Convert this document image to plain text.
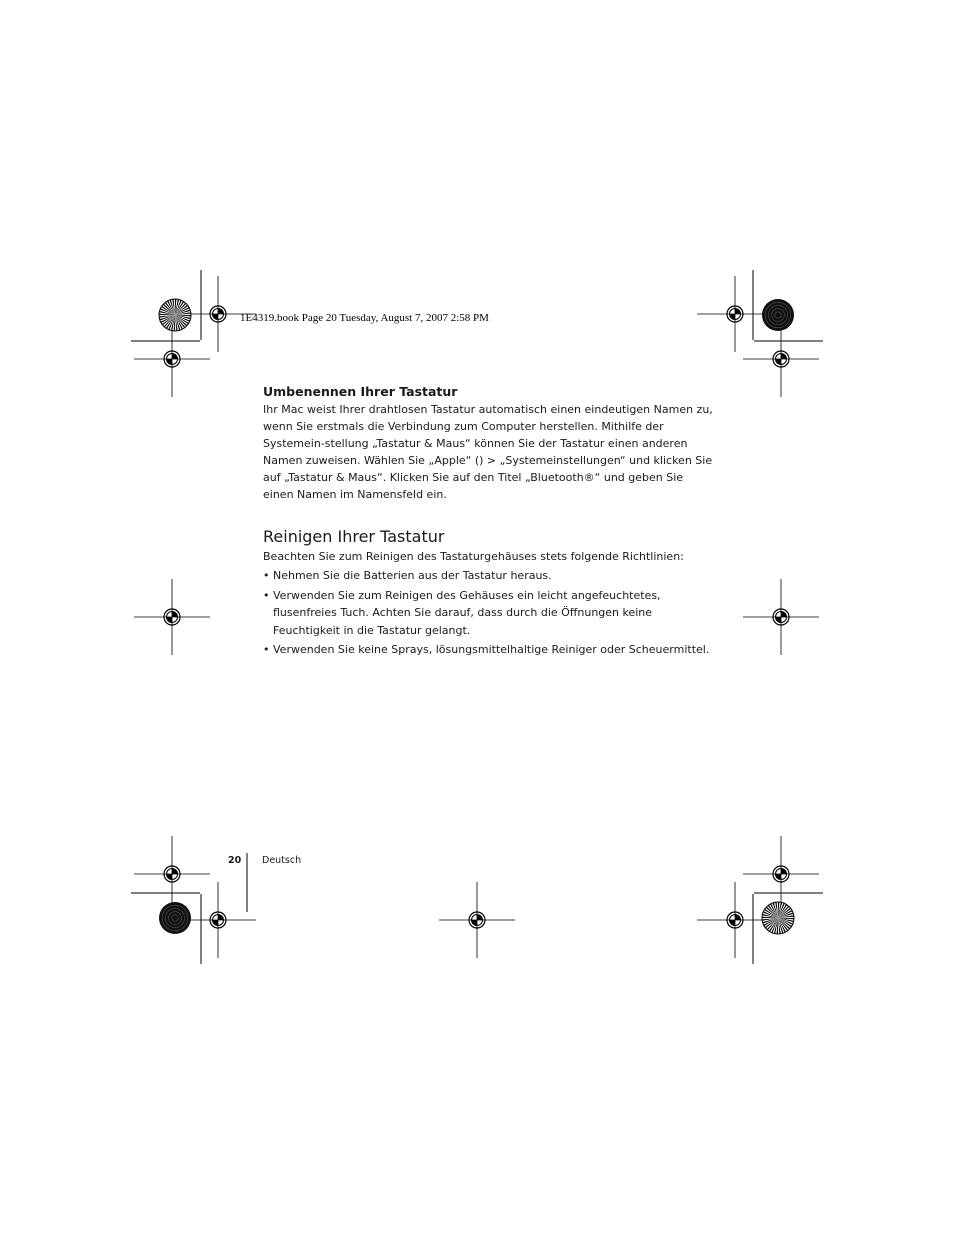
1E4319.book Page 20 Tuesday, August 7, 2007 2:58 PM
Umbenennen Ihrer Tastatur

Ihr Mac weist Ihrer drahtlosen Tastatur automatisch einen eindeutigen Namen zu, wenn Sie erstmals die Verbindung zum Computer herstellen. Mithilfe der Systemein-stellung „Tastatur & Maus“ können Sie der Tastatur einen anderen Namen zuweisen. Wählen Sie „Apple“ () > „Systemeinstellungen“ und klicken Sie auf „Tastatur & Maus“. Klicken Sie auf den Titel „Bluetooth®“ und geben Sie einen Namen im Namensfeld ein.

Reinigen Ihrer Tastatur

Beachten Sie zum Reinigen des Tastaturgehäuses stets folgende Richtlinien:

• Nehmen Sie die Batterien aus der Tastatur heraus.
• Verwenden Sie zum Reinigen des Gehäuses ein leicht angefeuchtetes, flusenfreies Tuch. Achten Sie darauf, dass durch die Öffnungen keine Feuchtigkeit in die Tastatur gelangt.
• Verwenden Sie keine Sprays, lösungsmittelhaltige Reiniger oder Scheuermittel.
20 Deutsch
